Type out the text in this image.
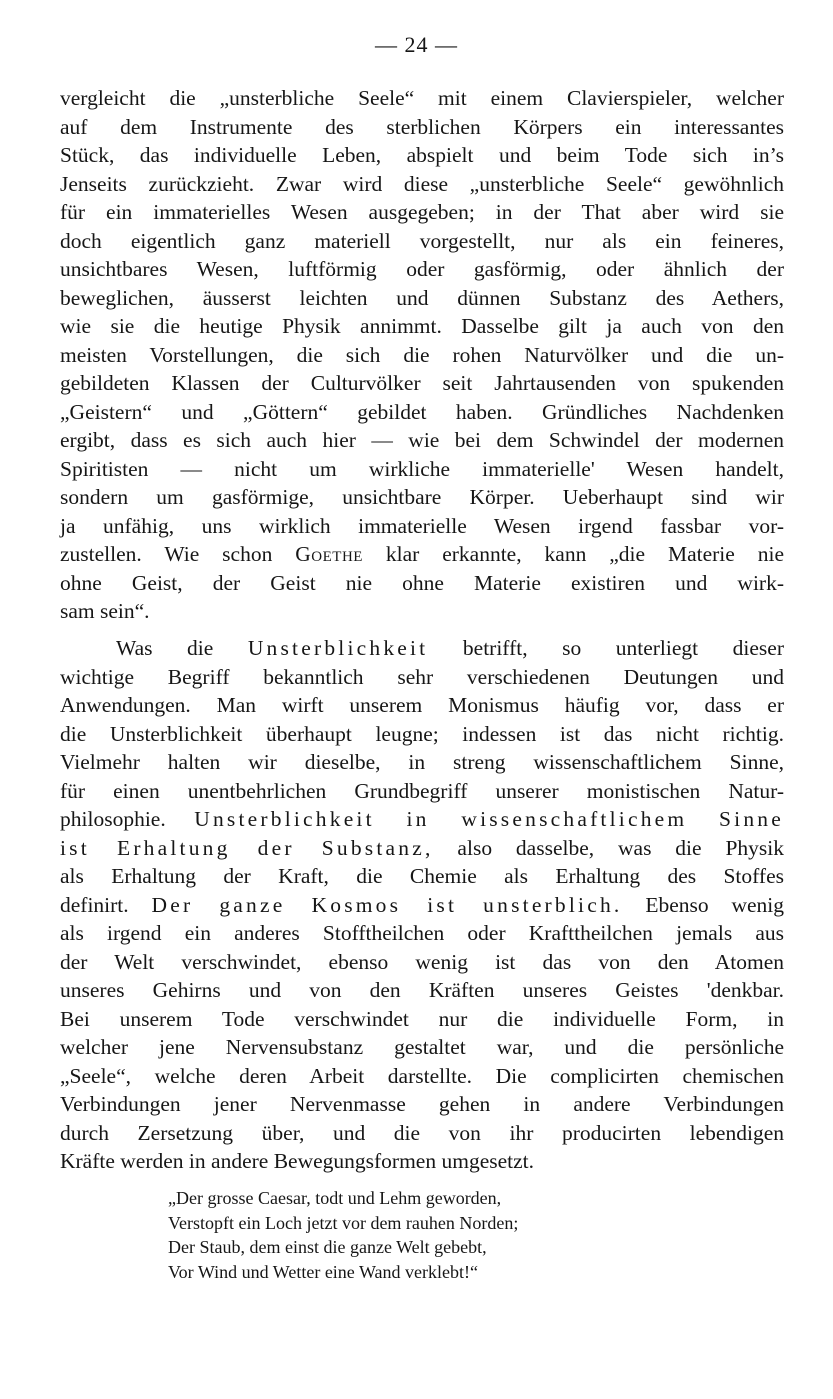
— 24 —
vergleicht die „unsterbliche Seele“ mit einem Clavierspieler, welcher
auf dem Instrumente des sterblichen Körpers ein interessantes
Stück, das individuelle Leben, abspielt und beim Tode sich in’s
Jenseits zurückzieht. Zwar wird diese „unsterbliche Seele“ gewöhnlich
für ein immaterielles Wesen ausgegeben; in der That aber wird sie
doch eigentlich ganz materiell vorgestellt, nur als ein feineres,
unsichtbares Wesen, luftförmig oder gasförmig, oder ähnlich der
beweglichen, äusserst leichten und dünnen Substanz des Aethers,
wie sie die heutige Physik annimmt. Dasselbe gilt ja auch von den
meisten Vorstellungen, die sich die rohen Naturvölker und die un-
gebildeten Klassen der Culturvölker seit Jahrtausenden von spukenden
„Geistern“ und „Göttern“ gebildet haben. Gründliches Nachdenken
ergibt, dass es sich auch hier — wie bei dem Schwindel der modernen
Spiritisten — nicht um wirkliche immaterielle' Wesen handelt,
sondern um gasförmige, unsichtbare Körper. Ueberhaupt sind wir
ja unfähig, uns wirklich immaterielle Wesen irgend fassbar vor-
zustellen. Wie schon Goethe klar erkannte, kann „die Materie nie
ohne Geist, der Geist nie ohne Materie existiren und wirk-
sam sein“.
Was die Unsterblichkeit betrifft, so unterliegt dieser
wichtige Begriff bekanntlich sehr verschiedenen Deutungen und
Anwendungen. Man wirft unserem Monismus häufig vor, dass er
die Unsterblichkeit überhaupt leugne; indessen ist das nicht richtig.
Vielmehr halten wir dieselbe, in streng wissenschaftlichem Sinne,
für einen unentbehrlichen Grundbegriff unserer monistischen Natur-
philosophie. Unsterblichkeit in wissenschaftlichem Sinne
ist Erhaltung der Substanz, also dasselbe, was die Physik
als Erhaltung der Kraft, die Chemie als Erhaltung des Stoffes
definirt. Der ganze Kosmos ist unsterblich. Ebenso wenig
als irgend ein anderes Stofftheilchen oder Krafttheilchen jemals aus
der Welt verschwindet, ebenso wenig ist das von den Atomen
unseres Gehirns und von den Kräften unseres Geistes 'denkbar.
Bei unserem Tode verschwindet nur die individuelle Form, in
welcher jene Nervensubstanz gestaltet war, und die persönliche
„Seele“, welche deren Arbeit darstellte. Die complicirten chemischen
Verbindungen jener Nervenmasse gehen in andere Verbindungen
durch Zersetzung über, und die von ihr producirten lebendigen
Kräfte werden in andere Bewegungsformen umgesetzt.
„Der grosse Caesar, todt und Lehm geworden,
Verstopft ein Loch jetzt vor dem rauhen Norden;
Der Staub, dem einst die ganze Welt gebebt,
Vor Wind und Wetter eine Wand verklebt!“
